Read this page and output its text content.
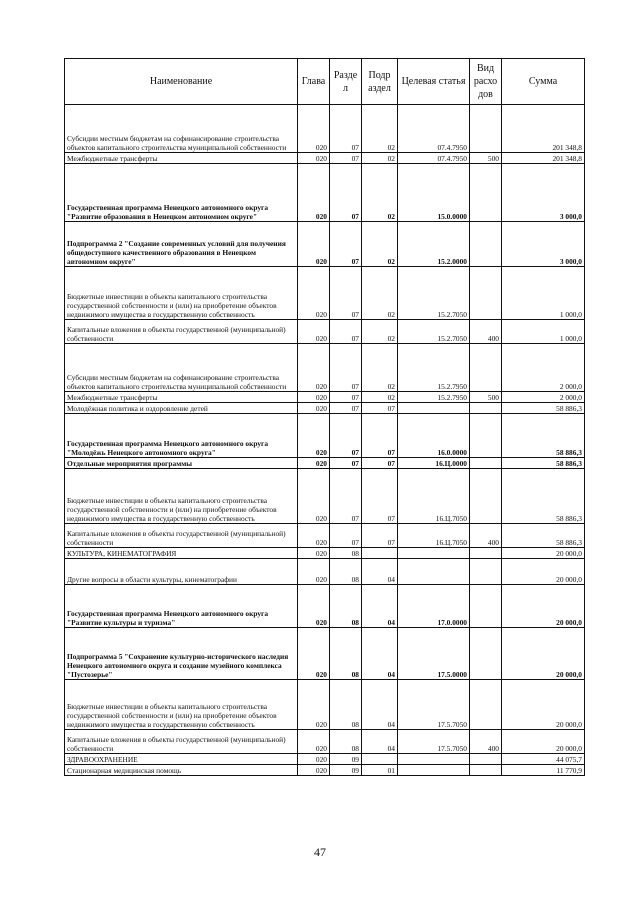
Наименование	Глава	Разде л	Подр аздел	Целевая статья	Вид расхо дов	Сумма

Субсидии местным бюджетам на софинансирование строительства объектов капитального строительства муниципальной собственности	020	07	02	07.4.7950		201 348,8

Межбюджетные трансферты	020	07	02	07.4.7950	500	201 348,8

Государственная программа Ненецкого автономного округа "Развитие образования в Ненецком автономном округе"	020	07	02	15.0.0000		3 000,0

Подпрограмма 2 "Создание современных условий для получения общедоступного качественного образования в Ненецком автономном округе"	020	07	02	15.2.0000		3 000,0

Бюджетные инвестиции в объекты капитального строительства государственной собственности и (или) на приобретение объектов недвижимого имущества в государственную собственность	020	07	02	15.2.7050		1 000,0

Капитальные вложения в объекты государственной (муниципальной) собственности	020	07	02	15.2.7050	400	1 000,0

Субсидии местным бюджетам на софинансирование строительства объектов капитального строительства муниципальной собственности	020	07	02	15.2.7950		2 000,0

Межбюджетные трансферты	020	07	02	15.2.7950	500	2 000,0

Молодёжная политика и оздоровление детей	020	07	07			58 886,3

Государственная программа Ненецкого автономного округа "Молодёжь Ненецкого автономного округа"	020	07	07	16.0.0000		58 886,3

Отдельные мероприятия программы	020	07	07	16.Ц.0000		58 886,3

Бюджетные инвестиции в объекты капитального строительства государственной собственности и (или) на приобретение объектов недвижимого имущества в государственную собственность	020	07	07	16.Ц.7050		58 886,3

Капитальные вложения в объекты государственной (муниципальной) собственности	020	07	07	16.Ц.7050	400	58 886,3

КУЛЬТУРА, КИНЕМАТОГРАФИЯ	020	08				20 000,0

Другие вопросы в области культуры, кинематографии	020	08	04			20 000,0

Государственная программа Ненецкого автономного округа "Развитие культуры и туризма"	020	08	04	17.0.0000		20 000,0

Подпрограмма 5 "Сохранение культурно-исторического наследия Ненецкого автономного округа и создание музейного комплекса "Пустозерье"	020	08	04	17.5.0000		20 000,0

Бюджетные инвестиции в объекты капитального строительства государственной собственности и (или) на приобретение объектов недвижимого имущества в государственную собственность	020	08	04	17.5.7050		20 000,0

Капитальные вложения в объекты государственной (муниципальной) собственности	020	08	04	17.5.7050	400	20 000,0

ЗДРАВООХРАНЕНИЕ	020	09				44 075,7

Стационарная медицинская помощь	020	09	01			11 770,9
47
